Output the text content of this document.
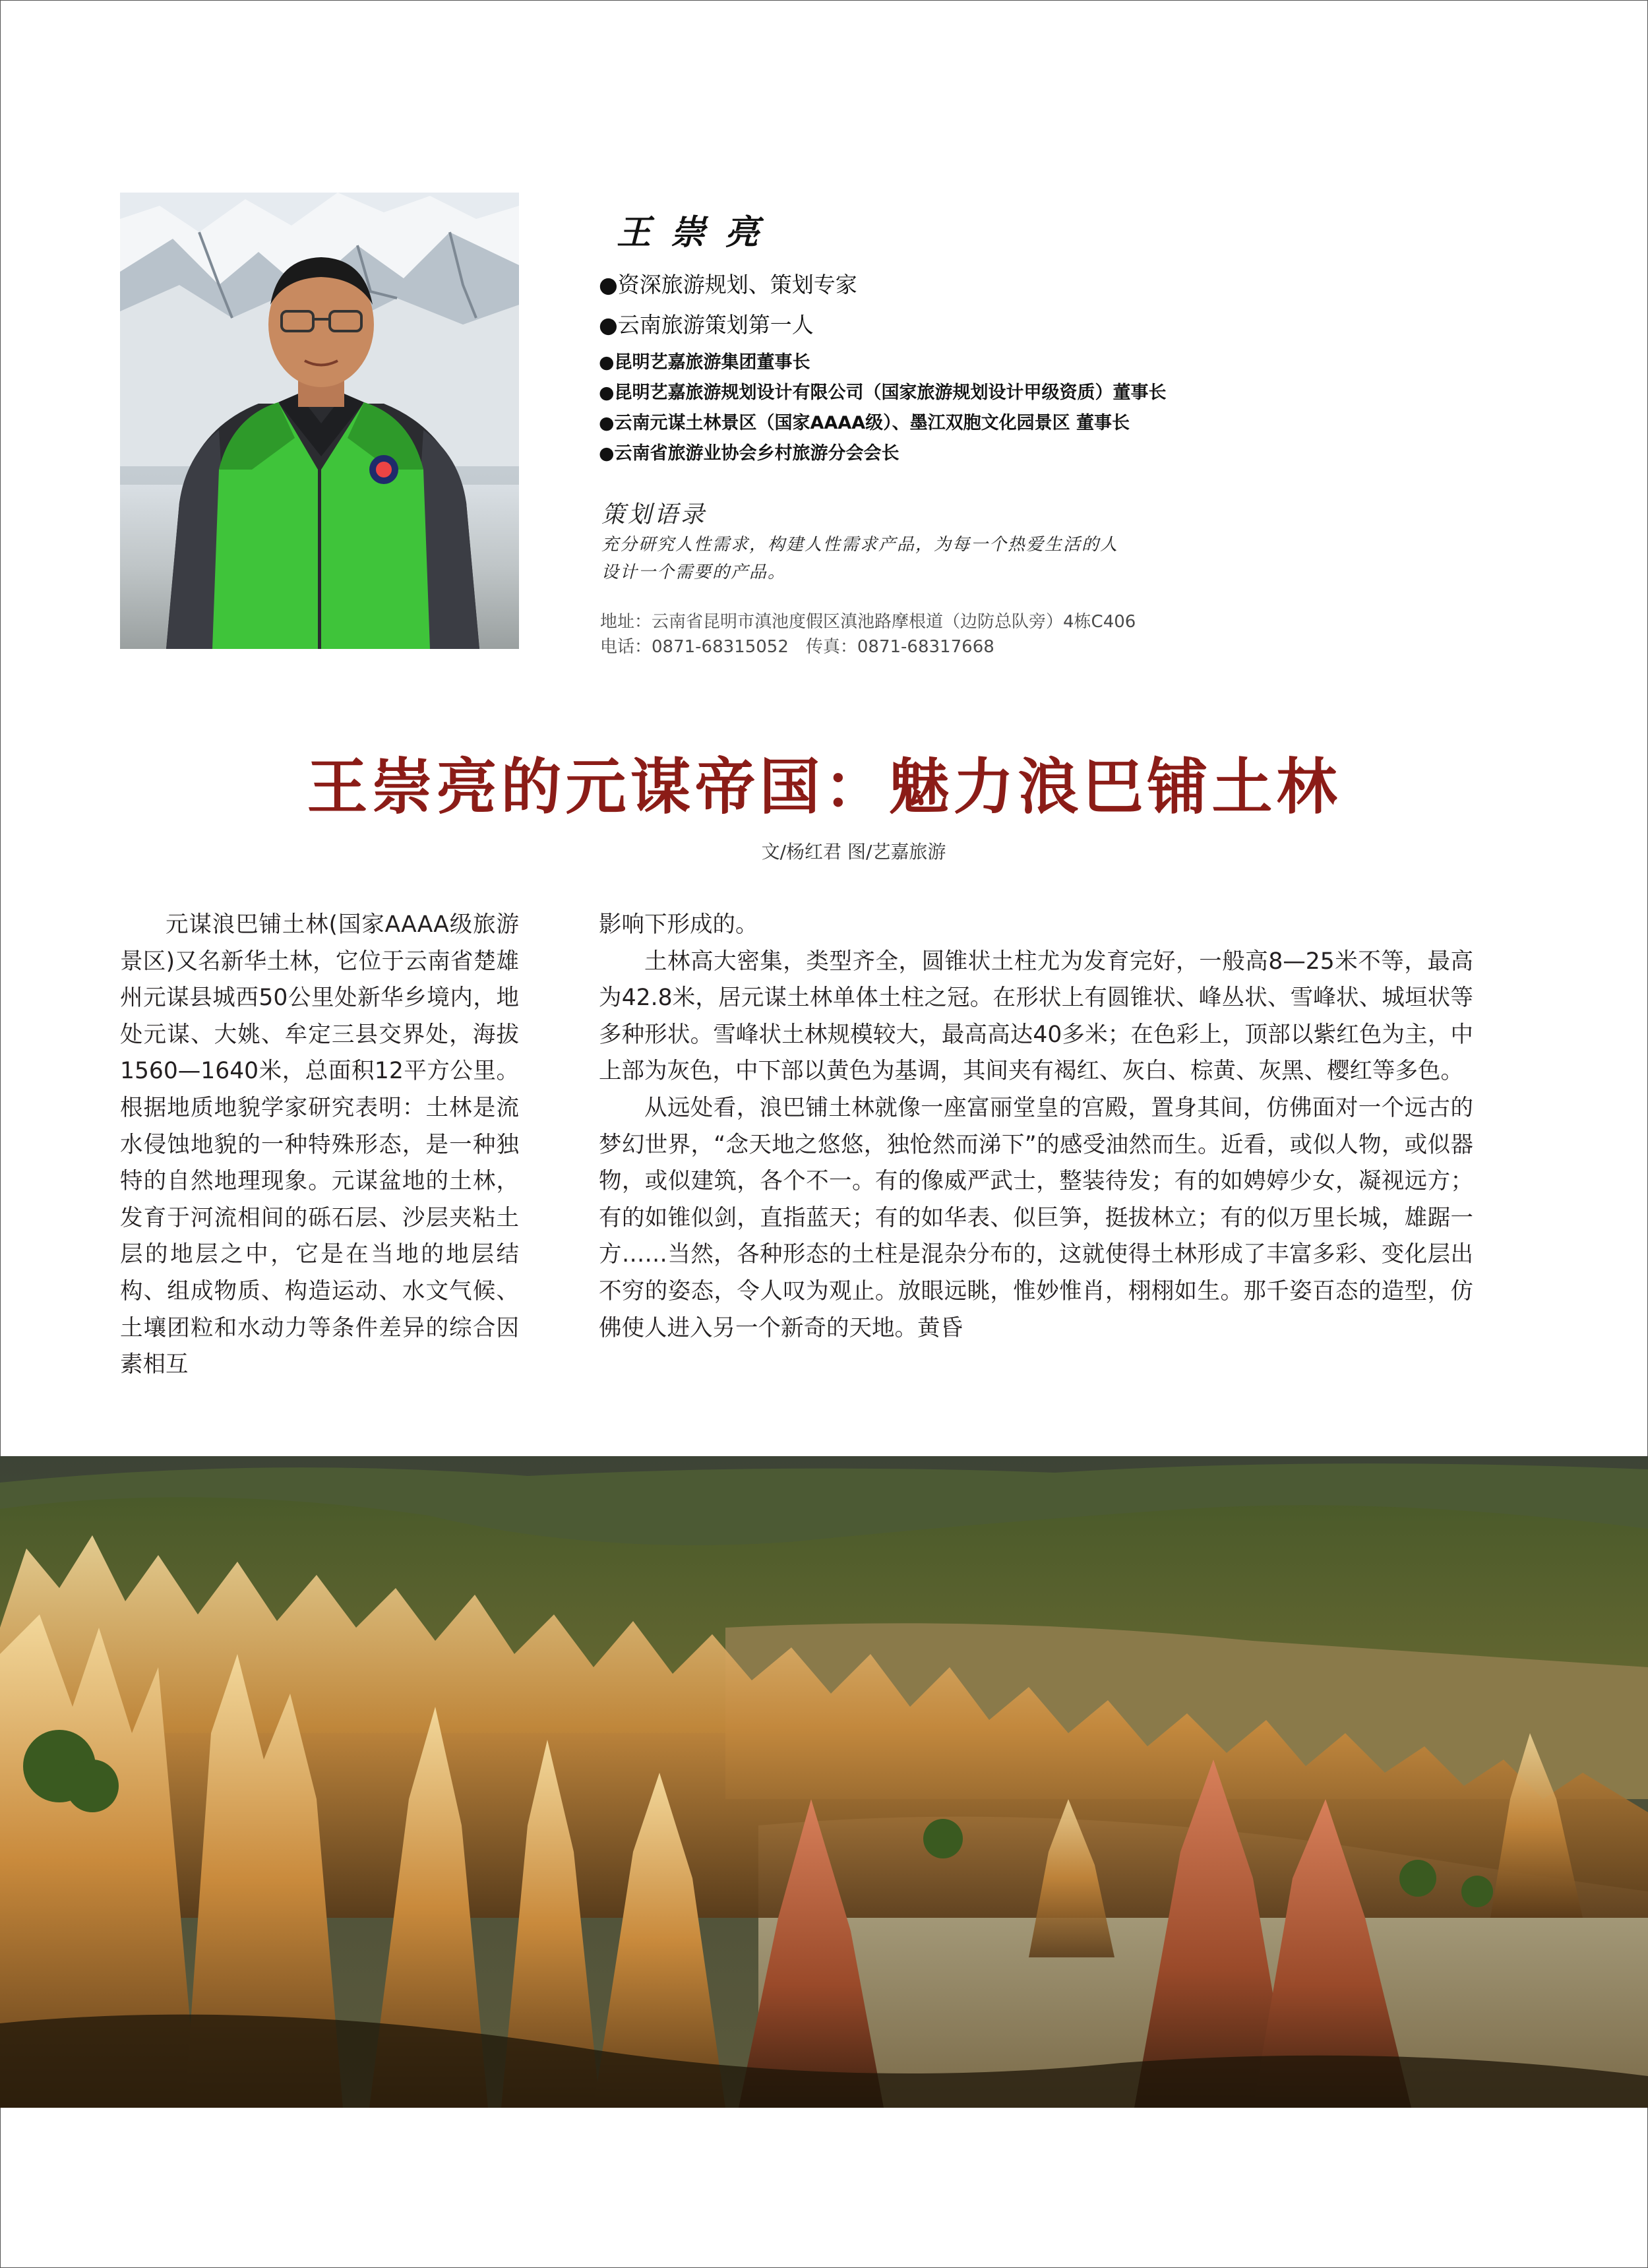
王崇亮
●资深旅游规划、策划专家
●云南旅游策划第一人
●昆明艺嘉旅游集团董事长
●昆明艺嘉旅游规划设计有限公司（国家旅游规划设计甲级资质）董事长
●云南元谋土林景区（国家AAAA级）、墨江双胞文化园景区 董事长
●云南省旅游业协会乡村旅游分会会长
策划语录
充分研究人性需求，构建人性需求产品，为每一个热爱生活的人
设计一个需要的产品。
地址：云南省昆明市滇池度假区滇池路摩根道（边防总队旁）4栋C406
电话：0871-68315052　传真：0871-68317668
王崇亮的元谋帝国：魅力浪巴铺土林
文/杨红君 图/艺嘉旅游

元谋浪巴铺土林(国家AAAA级旅游景区)又名新华土林，它位于云南省楚雄州元谋县城西50公里处新华乡境内，地处元谋、大姚、牟定三县交界处，海拔1560—1640米，总面积12平方公里。根据地质地貌学家研究表明：土林是流水侵蚀地貌的一种特殊形态，是一种独特的自然地理现象。元谋盆地的土林，发育于河流相间的砾石层、沙层夹粘土层的地层之中，它是在当地的地层结构、组成物质、构造运动、水文气候、土壤团粒和水动力等条件差异的综合因素相互

影响下形成的。

土林高大密集，类型齐全，圆锥状土柱尤为发育完好，一般高8—25米不等，最高为42.8米，居元谋土林单体土柱之冠。在形状上有圆锥状、峰丛状、雪峰状、城垣状等多种形状。雪峰状土林规模较大，最高高达40多米；在色彩上，顶部以紫红色为主，中上部为灰色，中下部以黄色为基调，其间夹有褐红、灰白、棕黄、灰黑、樱红等多色。

从远处看，浪巴铺土林就像一座富丽堂皇的宫殿，置身其间，仿佛面对一个远古的梦幻世界，“念天地之悠悠，独怆然而涕下”的感受油然而生。近看，或似人物，或似器物，或似建筑，各个不一。有的像威严武士，整装待发；有的如娉婷少女，凝视远方；有的如锥似剑，直指蓝天；有的如华表、似巨笋，挺拔林立；有的似万里长城，雄踞一方……当然，各种形态的土柱是混杂分布的，这就使得土林形成了丰富多彩、变化层出不穷的姿态，令人叹为观止。放眼远眺，惟妙惟肖，栩栩如生。那千姿百态的造型，仿佛使人进入另一个新奇的天地。黄昏
